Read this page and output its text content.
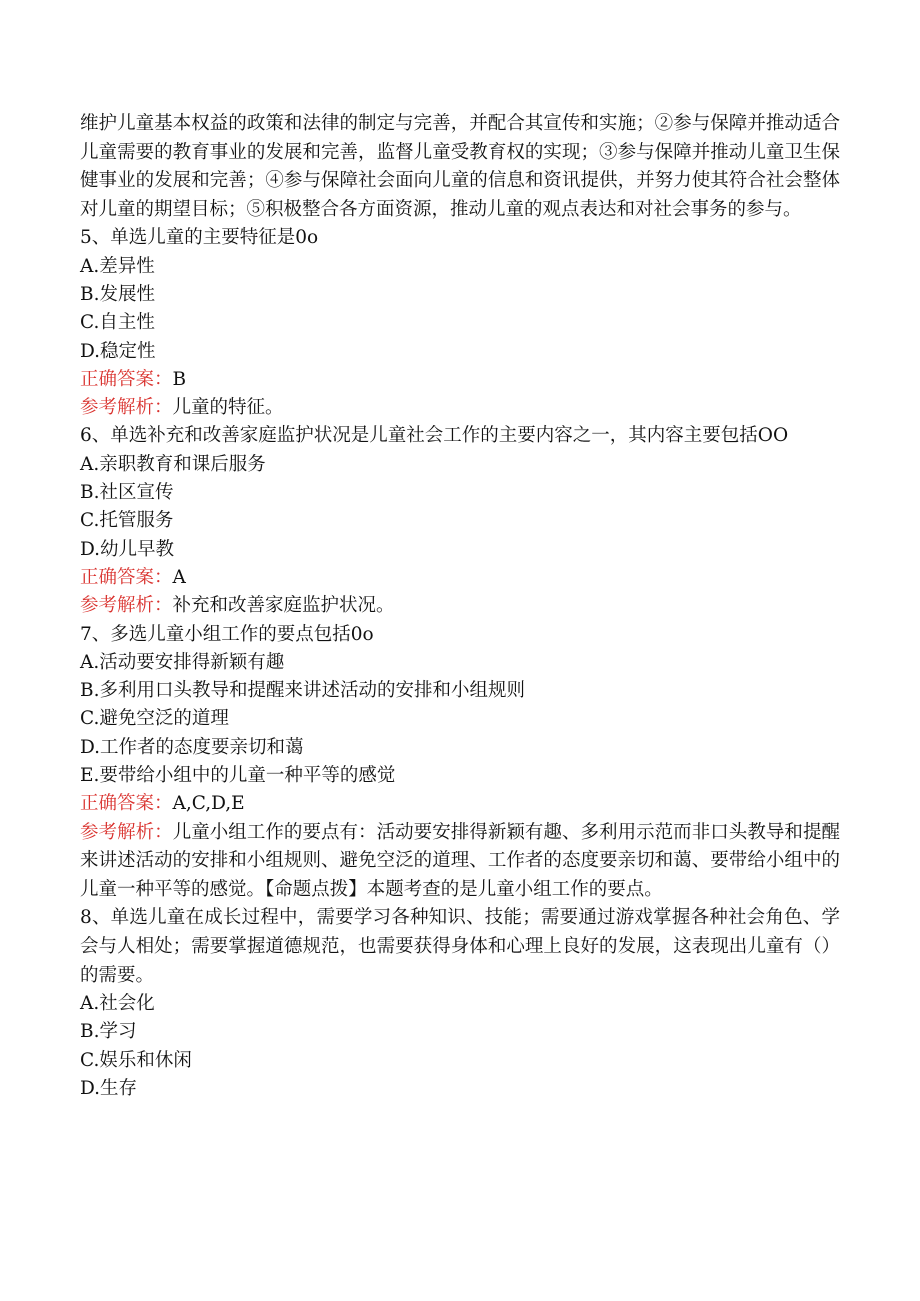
维护儿童基本权益的政策和法律的制定与完善，并配合其宣传和实施；②参与保障并推动适合儿童需要的教育事业的发展和完善，监督儿童受教育权的实现；③参与保障并推动儿童卫生保健事业的发展和完善；④参与保障社会面向儿童的信息和资讯提供，并努力使其符合社会整体对儿童的期望目标；⑤积极整合各方面资源，推动儿童的观点表达和对社会事务的参与。

5、单选儿童的主要特征是0o

A.差异性

B.发展性

C.自主性

D.稳定性

正确答案：B

参考解析：儿童的特征。

6、单选补充和改善家庭监护状况是儿童社会工作的主要内容之一，其内容主要包括OO

A.亲职教育和课后服务

B.社区宣传

C.托管服务

D.幼儿早教

正确答案：A

参考解析：补充和改善家庭监护状况。

7、多选儿童小组工作的要点包括0o

A.活动要安排得新颖有趣

B.多利用口头教导和提醒来讲述活动的安排和小组规则

C.避免空泛的道理

D.工作者的态度要亲切和蔼

E.要带给小组中的儿童一种平等的感觉

正确答案：A,C,D,E

参考解析：儿童小组工作的要点有：活动要安排得新颖有趣、多利用示范而非口头教导和提醒来讲述活动的安排和小组规则、避免空泛的道理、工作者的态度要亲切和蔼、要带给小组中的儿童一种平等的感觉。【命题点拨】本题考查的是儿童小组工作的要点。

8、单选儿童在成长过程中，需要学习各种知识、技能；需要通过游戏掌握各种社会角色、学会与人相处；需要掌握道德规范，也需要获得身体和心理上良好的发展，这表现出儿童有（）的需要。

A.社会化

B.学习

C.娱乐和休闲

D.生存
